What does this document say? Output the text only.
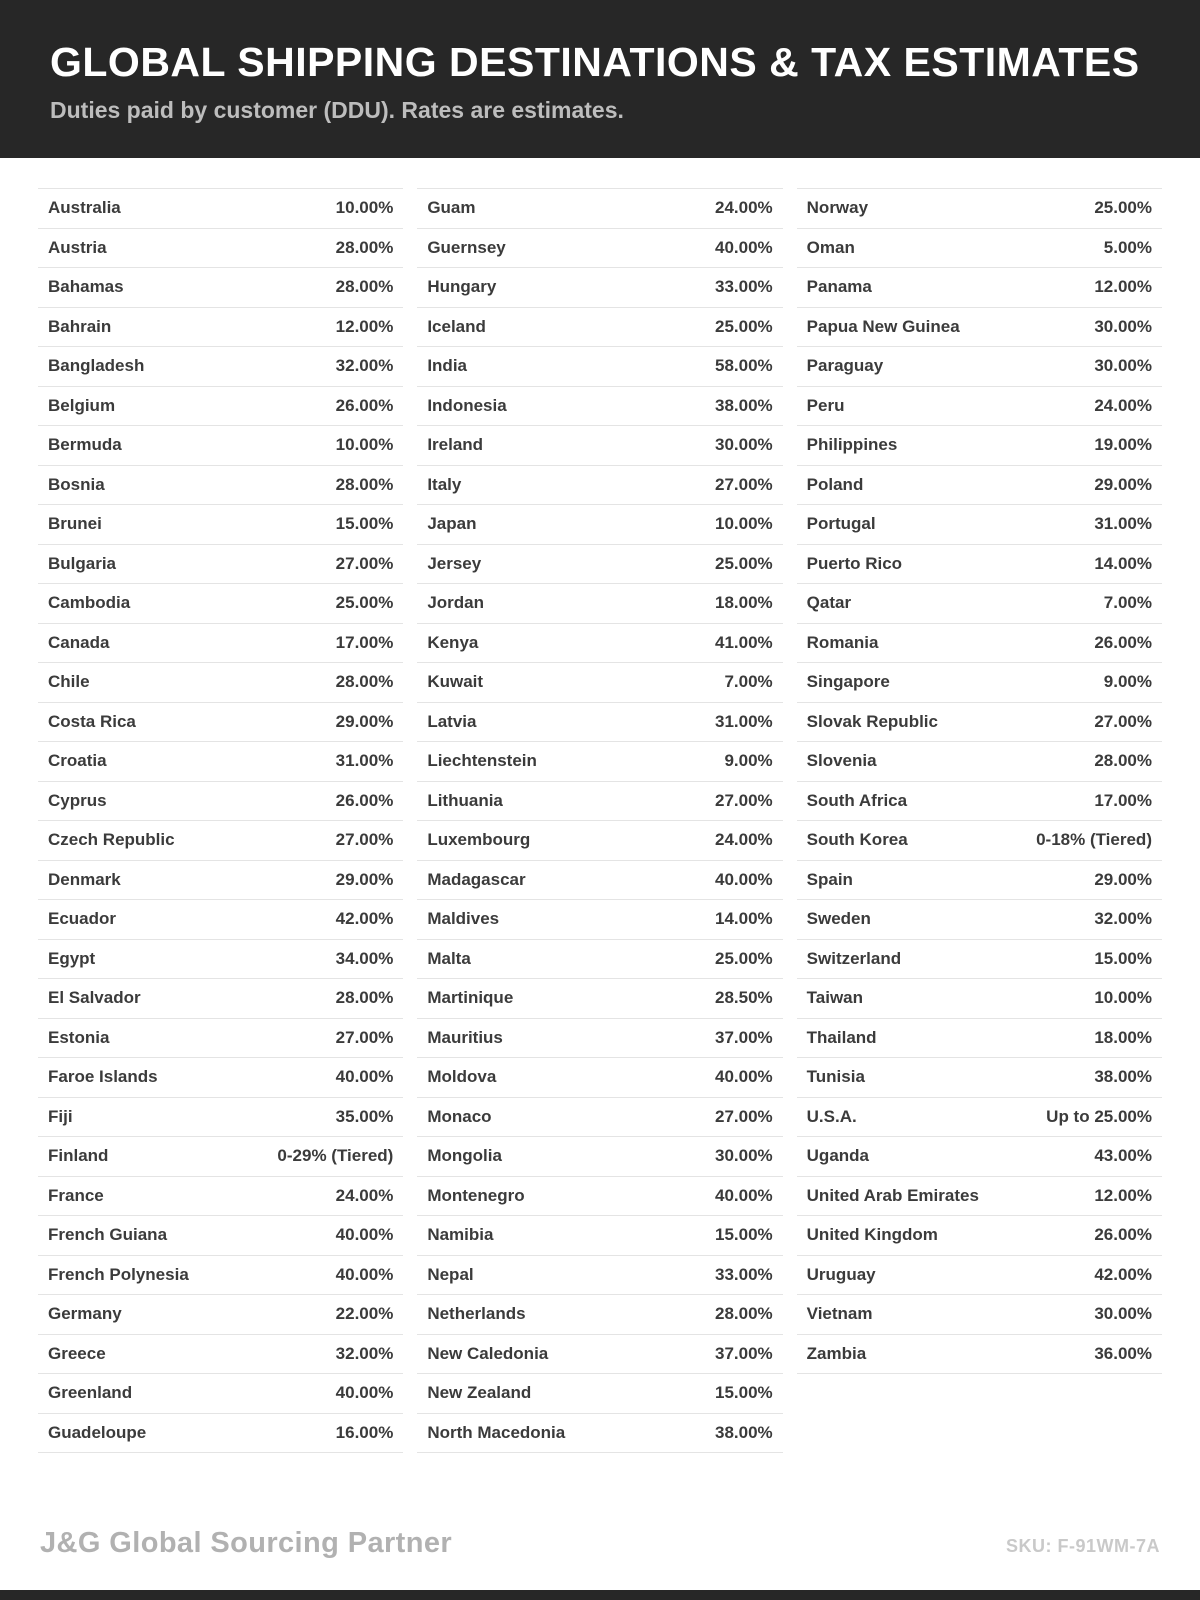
GLOBAL SHIPPING DESTINATIONS & TAX ESTIMATES
Duties paid by customer (DDU). Rates are estimates.
Australia	10.00%
Austria	28.00%
Bahamas	28.00%
Bahrain	12.00%
Bangladesh	32.00%
Belgium	26.00%
Bermuda	10.00%
Bosnia	28.00%
Brunei	15.00%
Bulgaria	27.00%
Cambodia	25.00%
Canada	17.00%
Chile	28.00%
Costa Rica	29.00%
Croatia	31.00%
Cyprus	26.00%
Czech Republic	27.00%
Denmark	29.00%
Ecuador	42.00%
Egypt	34.00%
El Salvador	28.00%
Estonia	27.00%
Faroe Islands	40.00%
Fiji	35.00%
Finland	0-29% (Tiered)
France	24.00%
French Guiana	40.00%
French Polynesia	40.00%
Germany	22.00%
Greece	32.00%
Greenland	40.00%
Guadeloupe	16.00%
Guam	24.00%
Guernsey	40.00%
Hungary	33.00%
Iceland	25.00%
India	58.00%
Indonesia	38.00%
Ireland	30.00%
Italy	27.00%
Japan	10.00%
Jersey	25.00%
Jordan	18.00%
Kenya	41.00%
Kuwait	7.00%
Latvia	31.00%
Liechtenstein	9.00%
Lithuania	27.00%
Luxembourg	24.00%
Madagascar	40.00%
Maldives	14.00%
Malta	25.00%
Martinique	28.50%
Mauritius	37.00%
Moldova	40.00%
Monaco	27.00%
Mongolia	30.00%
Montenegro	40.00%
Namibia	15.00%
Nepal	33.00%
Netherlands	28.00%
New Caledonia	37.00%
New Zealand	15.00%
North Macedonia	38.00%
Norway	25.00%
Oman	5.00%
Panama	12.00%
Papua New Guinea	30.00%
Paraguay	30.00%
Peru	24.00%
Philippines	19.00%
Poland	29.00%
Portugal	31.00%
Puerto Rico	14.00%
Qatar	7.00%
Romania	26.00%
Singapore	9.00%
Slovak Republic	27.00%
Slovenia	28.00%
South Africa	17.00%
South Korea	0-18% (Tiered)
Spain	29.00%
Sweden	32.00%
Switzerland	15.00%
Taiwan	10.00%
Thailand	18.00%
Tunisia	38.00%
U.S.A.	Up to 25.00%
Uganda	43.00%
United Arab Emirates	12.00%
United Kingdom	26.00%
Uruguay	42.00%
Vietnam	30.00%
Zambia	36.00%
J&G Global Sourcing Partner	SKU: F-91WM-7A
